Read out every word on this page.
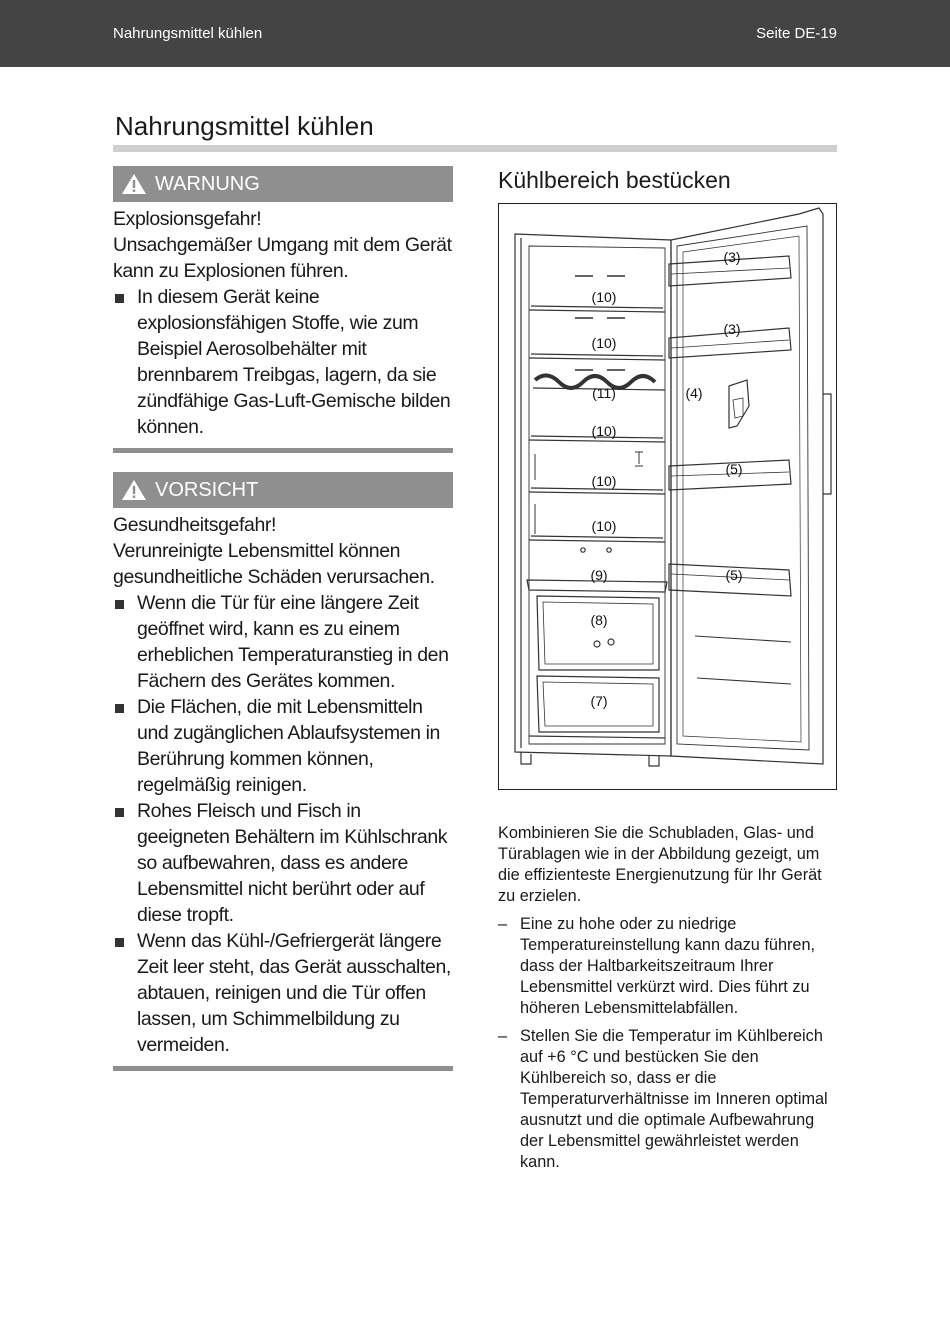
Nahrungsmittel kühlen	Seite DE-19
Nahrungsmittel kühlen
WARNUNG

Explosionsgefahr!

Unsachgemäßer Umgang mit dem Gerät kann zu Explosionen führen.

In diesem Gerät keine explosionsfähigen Stoffe, wie zum Beispiel Aerosolbehälter mit brennbarem Treibgas, lagern, da sie zündfähige Gas-Luft-Gemische bilden können.
VORSICHT

Gesundheitsgefahr!

Verunreinigte Lebensmittel können gesundheitliche Schäden verursachen.

Wenn die Tür für eine längere Zeit geöffnet wird, kann es zu einem erheblichen Temperaturanstieg in den Fächern des Gerätes kommen.
Die Flächen, die mit Lebensmitteln und zugänglichen Ablaufsystemen in Berührung kommen können, regelmäßig reinigen.
Rohes Fleisch und Fisch in geeigneten Behältern im Kühlschrank so aufbewahren, dass es andere Lebensmittel nicht berührt oder auf diese tropft.
Wenn das Kühl-/Gefriergerät längere Zeit leer steht, das Gerät ausschalten, abtauen, reinigen und die Tür offen lassen, um Schimmelbildung zu vermeiden.
Kühlbereich bestücken
(3)
(3)
(4)
(5)
(5)
(10)
(10)
(11)
(10)
(10)
(10)
(9)
(8)
(7)

Kombinieren Sie die Schubladen, Glas- und Türablagen wie in der Abbildung gezeigt, um die effizienteste Energienutzung für Ihr Gerät zu erzielen.

– Eine zu hohe oder zu niedrige Temperatureinstellung kann dazu führen, dass der Haltbarkeitszeitraum Ihrer Lebensmittel verkürzt wird. Dies führt zu höheren Lebensmittelabfällen.
– Stellen Sie die Temperatur im Kühlbereich auf +6 °C und bestücken Sie den Kühlbereich so, dass er die Temperaturverhältnisse im Inneren optimal ausnutzt und die optimale Aufbewahrung der Lebensmittel gewährleistet werden kann.
